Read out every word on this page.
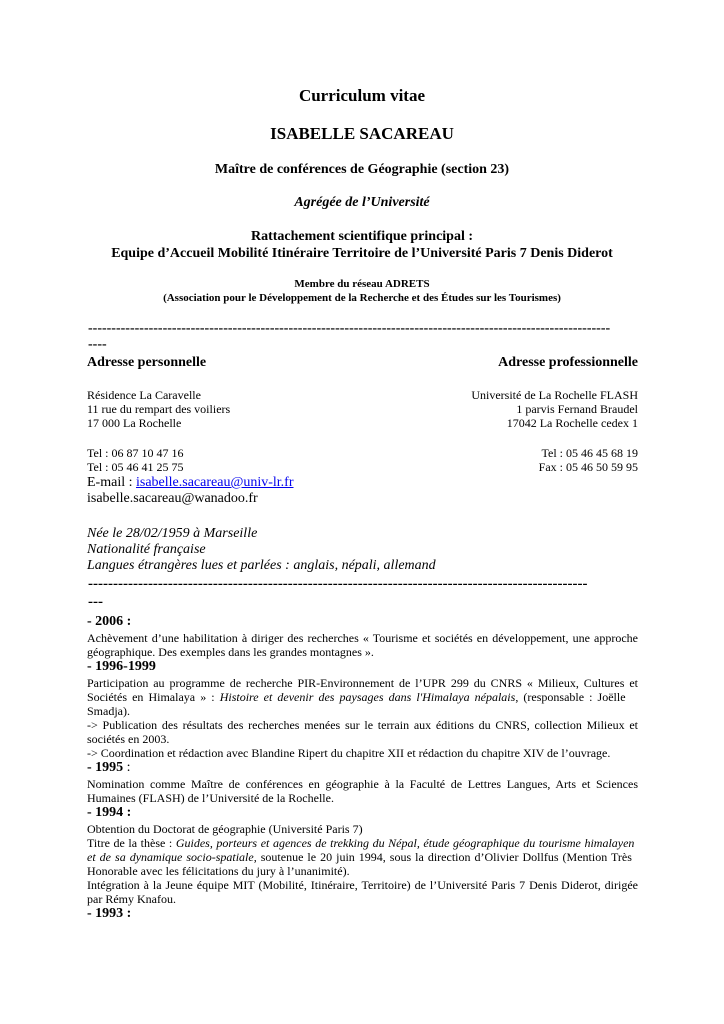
Curriculum vitae
ISABELLE SACAREAU
Maître de conférences de Géographie (section 23)
Agrégée de l’Université
Rattachement scientifique principal :
Equipe d’Accueil Mobilité Itinéraire Territoire de l’Université Paris 7 Denis Diderot
Membre du réseau ADRETS
(Association pour le Développement de la Recherche et des Études sur les Tourismes)
----------------------------------------------------------------------------------------------------------------
----
Adresse personnelle	Adresse professionnelle
Résidence La Caravelle
11 rue du rempart des voiliers
17 000 La Rochelle
Tel : 06 87 10 47 16
Tel : 05 46 41 25 75
E-mail : isabelle.sacareau@univ-lr.fr
isabelle.sacareau@wanadoo.fr
Université de La Rochelle FLASH
1 parvis Fernand Braudel
17042 La Rochelle cedex 1
Tel : 05 46 45 68 19
Fax : 05 46 50 59 95
Née le 28/02/1959 à Marseille
Nationalité française
Langues étrangères lues et parlées : anglais, népali, allemand
----------------------------------------------------------------------------------------------------
---
- 2006 :
Achèvement d’une habilitation à diriger des recherches « Tourisme et sociétés en développement, une approche
géographique. Des exemples dans les grandes montagnes ».
- 1996-1999
Participation au programme de recherche PIR-Environnement de l’UPR 299 du CNRS « Milieux, Cultures et
Sociétés en Himalaya » : Histoire et devenir des paysages dans l'Himalaya népalais, (responsable : Joëlle
Smadja).
-> Publication des résultats des recherches menées sur le terrain aux éditions du CNRS, collection Milieux et
sociétés en 2003.
-> Coordination et rédaction avec Blandine Ripert du chapitre XII et rédaction du chapitre XIV de l’ouvrage.
- 1995 :
Nomination comme Maître de conférences en géographie à la Faculté de Lettres Langues, Arts et Sciences
Humaines (FLASH) de l’Université de la Rochelle.
- 1994 :
Obtention du Doctorat de géographie (Université Paris 7)
Titre de la thèse : Guides, porteurs et agences de trekking du Népal, étude géographique du tourisme himalayen
et de sa dynamique socio-spatiale, soutenue le 20 juin 1994, sous la direction d’Olivier Dollfus (Mention Très
Honorable avec les félicitations du jury à l’unanimité).
Intégration à la Jeune équipe MIT (Mobilité, Itinéraire, Territoire) de l’Université Paris 7 Denis Diderot, dirigée
par Rémy Knafou.
- 1993 :
